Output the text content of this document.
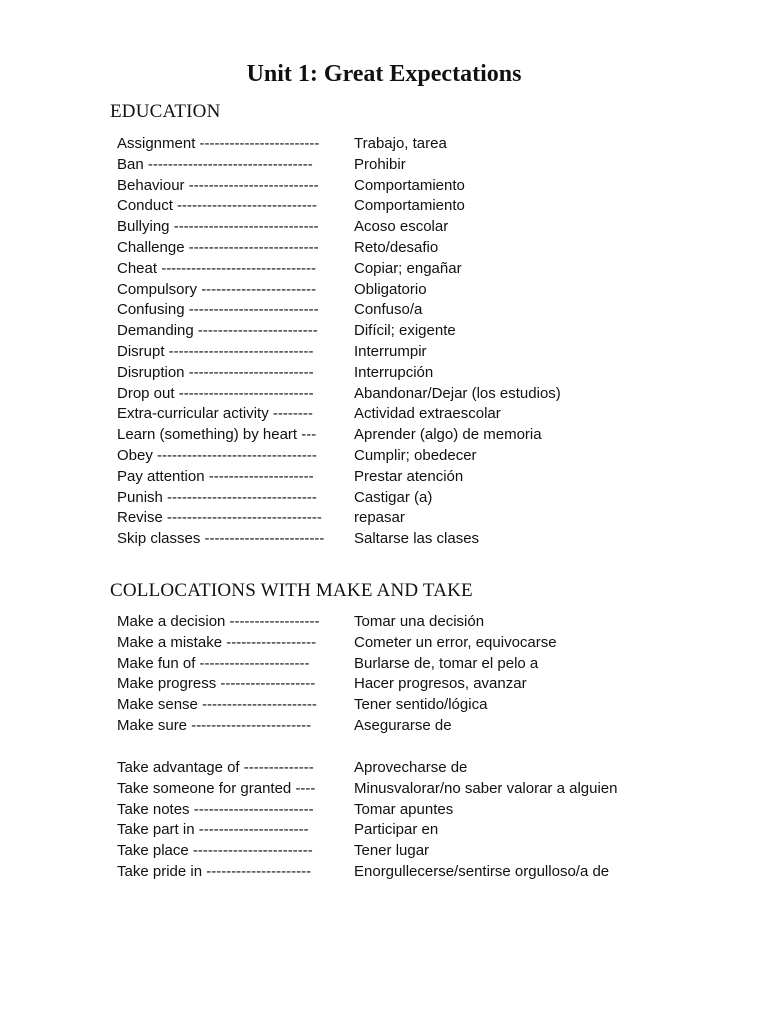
Unit 1: Great Expectations
EDUCATION
Assignment ------------------------	Trabajo, tarea
Ban ---------------------------------	Prohibir
Behaviour --------------------------	Comportamiento
Conduct ----------------------------	Comportamiento
Bullying -----------------------------	Acoso escolar
Challenge --------------------------	Reto/desafio
Cheat -------------------------------	Copiar; engañar
Compulsory -----------------------	Obligatorio
Confusing --------------------------	Confuso/a
Demanding ------------------------	Difícil; exigente
Disrupt -----------------------------	Interrumpir
Disruption -------------------------	Interrupción
Drop out ---------------------------	Abandonar/Dejar (los estudios)
Extra-curricular activity --------	Actividad extraescolar
Learn (something) by heart ---	Aprender (algo) de memoria
Obey --------------------------------	Cumplir; obedecer
Pay attention ---------------------	Prestar atención
Punish ------------------------------	Castigar (a)
Revise -------------------------------	repasar
Skip classes ------------------------	Saltarse las clases
COLLOCATIONS WITH MAKE AND TAKE
Make a decision ------------------	Tomar una decisión
Make a mistake ------------------	Cometer un error, equivocarse
Make fun of ----------------------	Burlarse de, tomar el pelo a
Make progress -------------------	Hacer progresos, avanzar
Make sense -----------------------	Tener sentido/lógica
Make sure ------------------------	Asegurarse de
Take advantage of --------------	Aprovecharse de
Take someone for granted ----	Minusvalorar/no saber valorar a alguien
Take notes ------------------------	Tomar apuntes
Take part in ----------------------	Participar en
Take place ------------------------	Tener lugar
Take pride in ---------------------	Enorgullecerse/sentirse orgulloso/a de
